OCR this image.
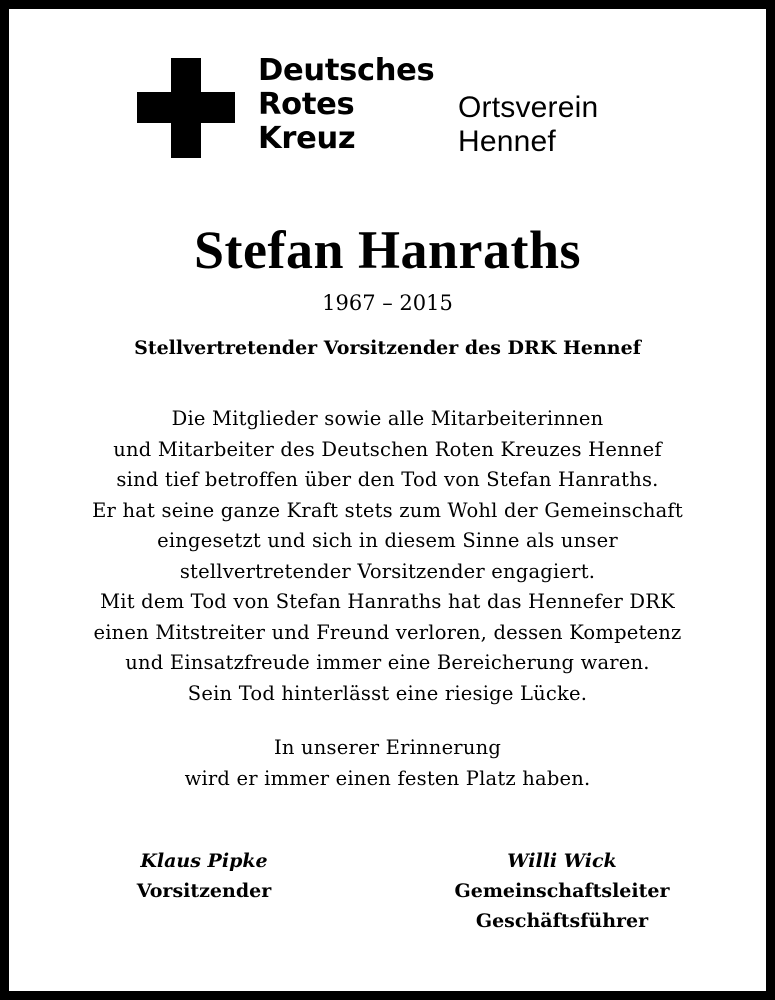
Deutsches
Rotes
Kreuz
Ortsverein
Hennef
Stefan Hanraths
1967 – 2015
Stellvertretender Vorsitzender des DRK Hennef
Die Mitglieder sowie alle Mitarbeiterinnen
und Mitarbeiter des Deutschen Roten Kreuzes Hennef
sind tief betroffen über den Tod von Stefan Hanraths.
Er hat seine ganze Kraft stets zum Wohl der Gemeinschaft
eingesetzt und sich in diesem Sinne als unser
stellvertretender Vorsitzender engagiert.
Mit dem Tod von Stefan Hanraths hat das Hennefer DRK
einen Mitstreiter und Freund verloren, dessen Kompetenz
und Einsatzfreude immer eine Bereicherung waren.
Sein Tod hinterlässt eine riesige Lücke.
In unserer Erinnerung
wird er immer einen festen Platz haben.
Klaus Pipke
Vorsitzender
Willi Wick
Gemeinschaftsleiter
Geschäftsführer
